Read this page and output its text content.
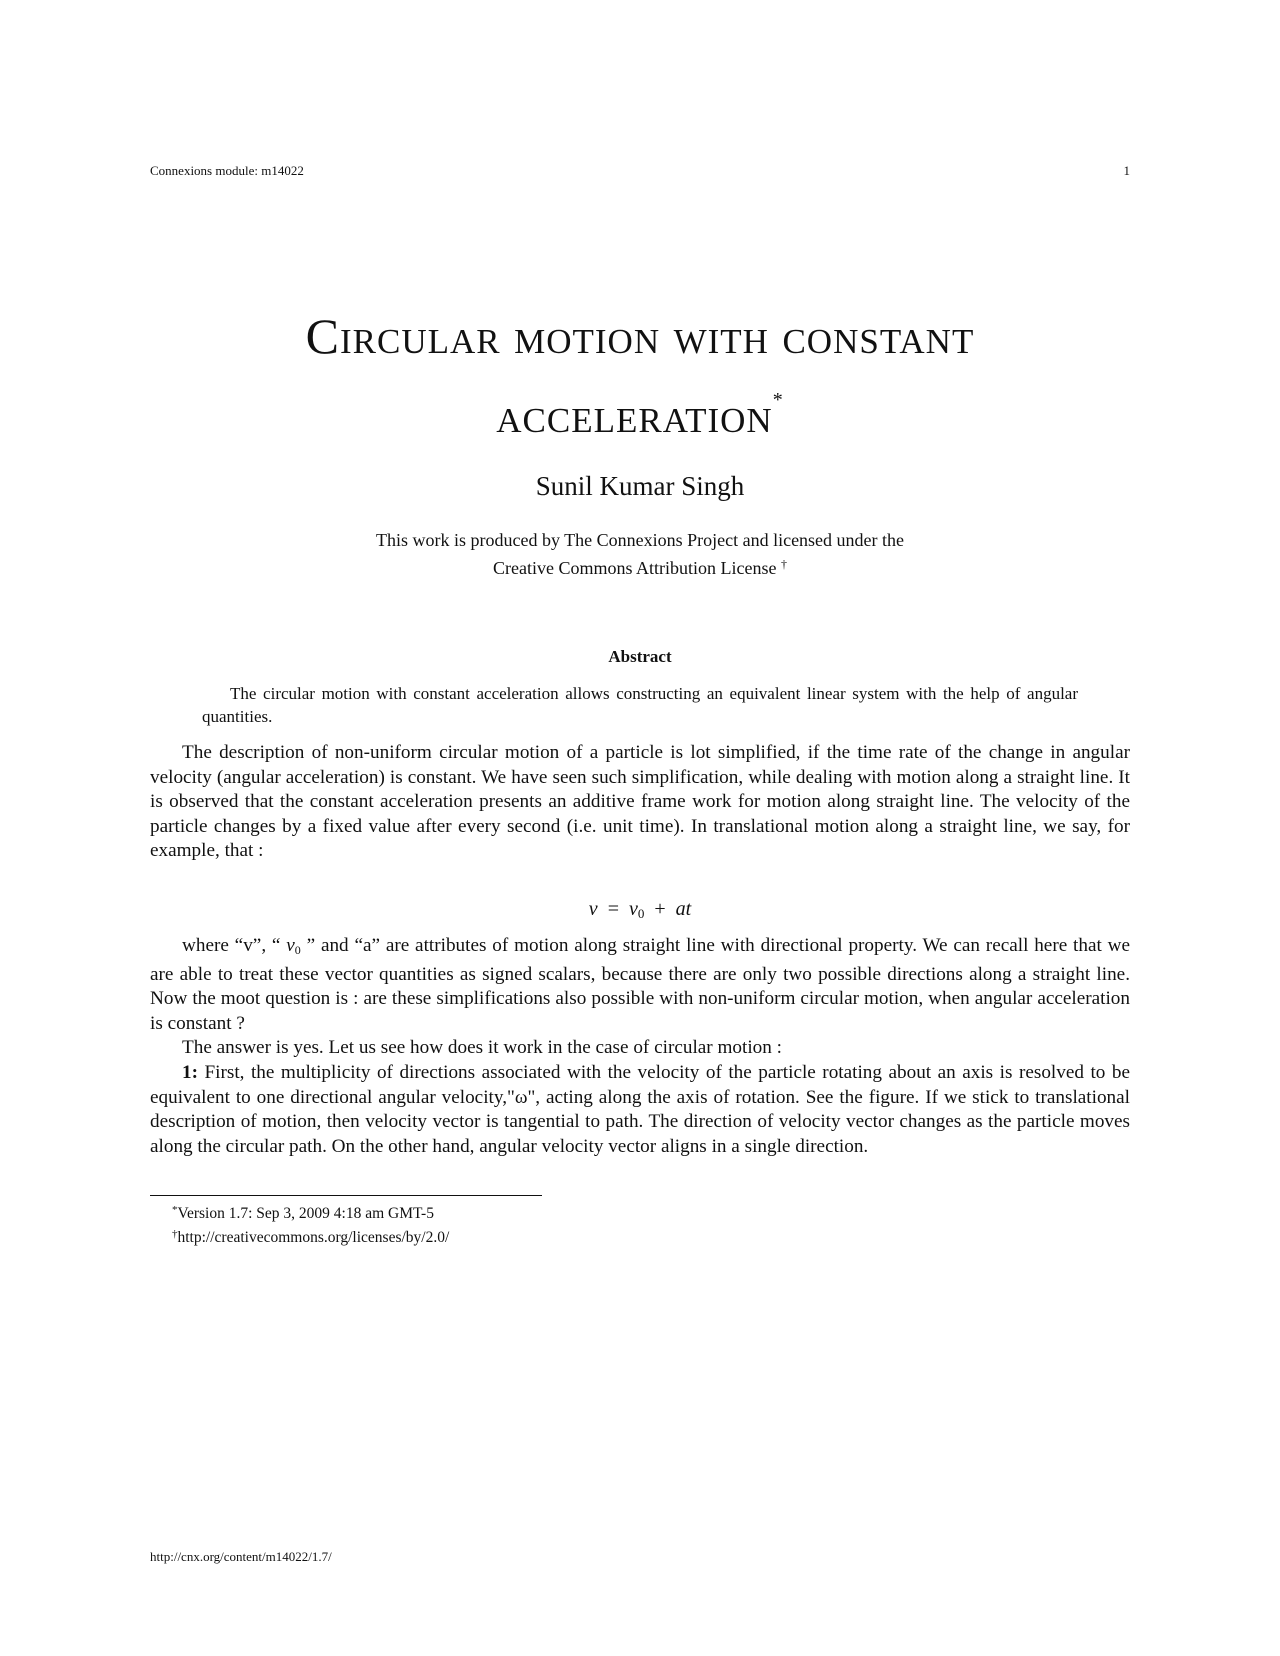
Connexions module: m14022	1
Circular motion with constant
acceleration*
Sunil Kumar Singh
This work is produced by The Connexions Project and licensed under the
Creative Commons Attribution License †
Abstract
The circular motion with constant acceleration allows constructing an equivalent linear system with the help of angular quantities.

The description of non-uniform circular motion of a particle is lot simplified, if the time rate of the change in angular velocity (angular acceleration) is constant. We have seen such simplification, while dealing with motion along a straight line. It is observed that the constant acceleration presents an additive frame work for motion along straight line. The velocity of the particle changes by a fixed value after every second (i.e. unit time). In translational motion along a straight line, we say, for example, that :

$v = v_0$ + at

where “v”, “ $v_0$ ” and “a” are attributes of motion along straight line with directional property. We can recall here that we are able to treat these vector quantities as signed scalars, because there are only two possible directions along a straight line. Now the moot question is : are these simplifications also possible with non-uniform circular motion, when angular acceleration is constant ?

The answer is yes. Let us see how does it work in the case of circular motion :

1: First, the multiplicity of directions associated with the velocity of the particle rotating about an axis is resolved to be equivalent to one directional angular velocity,"ω", acting along the axis of rotation. See the figure. If we stick to translational description of motion, then velocity vector is tangential to path. The direction of velocity vector changes as the particle moves along the circular path. On the other hand, angular velocity vector aligns in a single direction.

*Version 1.7: Sep 3, 2009 4:18 am GMT-5
†http://creativecommons.org/licenses/by/2.0/
http://cnx.org/content/m14022/1.7/
